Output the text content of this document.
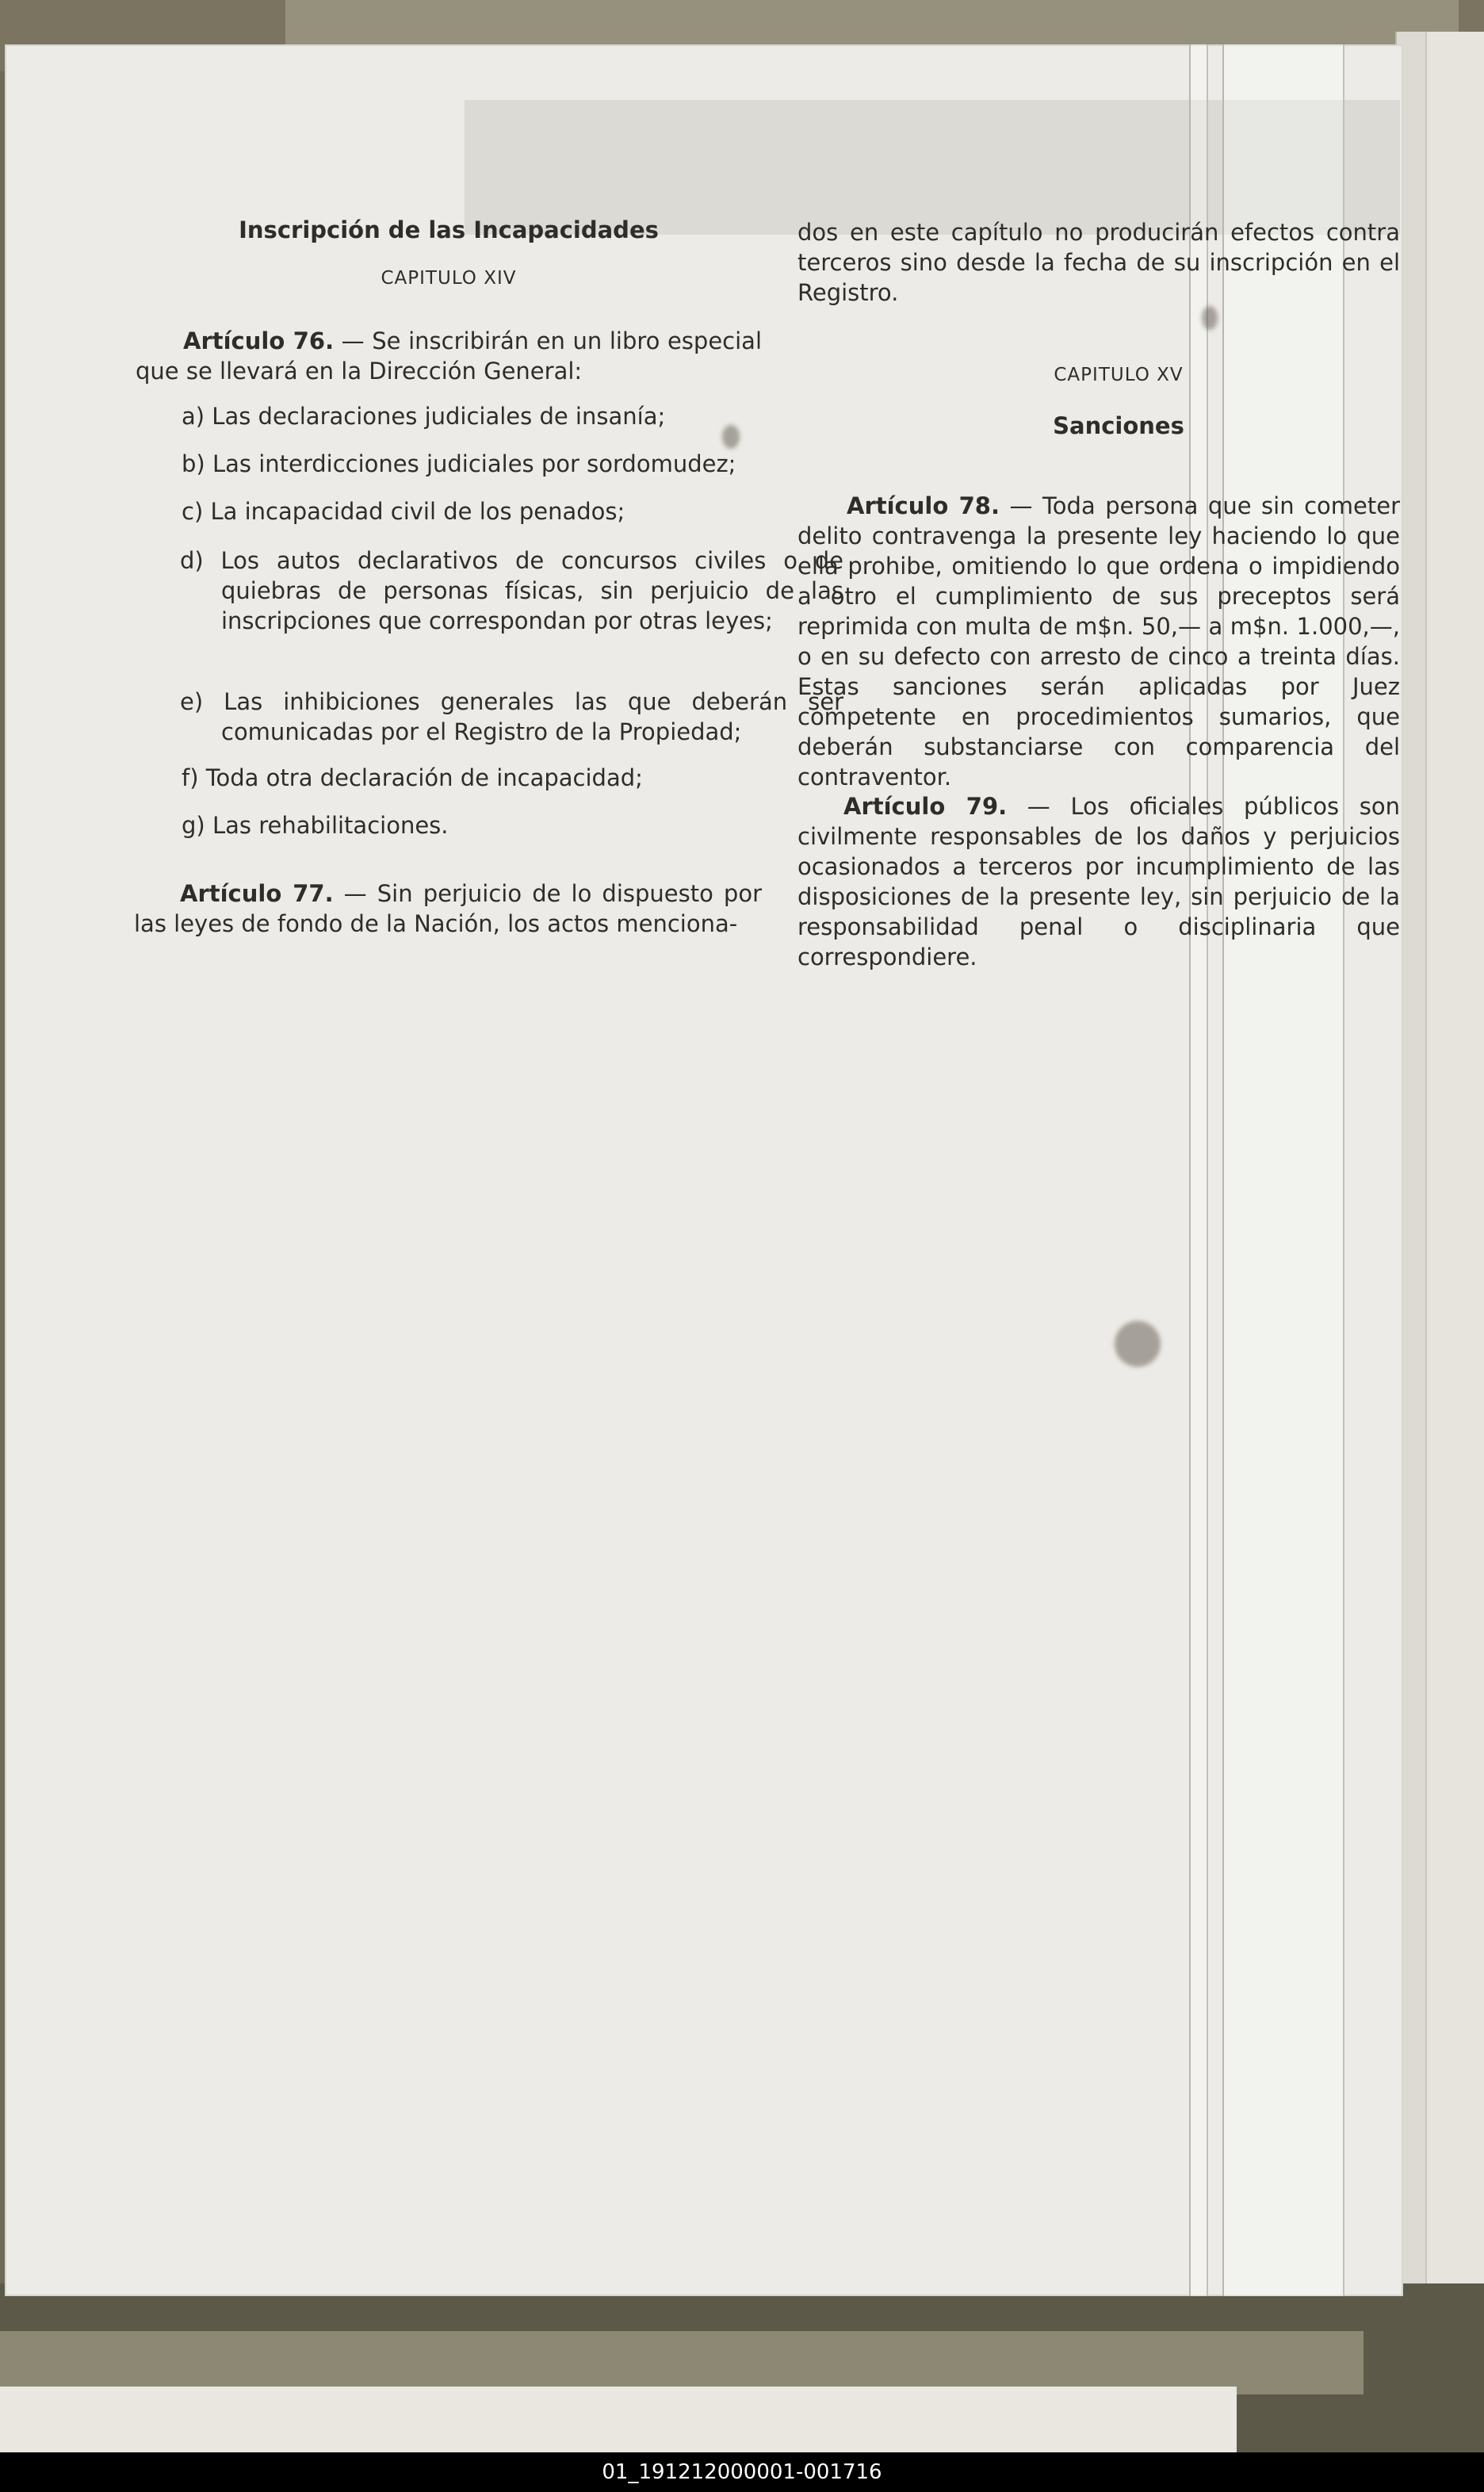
Inscripción de las Incapacidades

CAPITULO XIV

Artículo 76. — Se inscribirán en un libro especial que se llevará en la Dirección General:

a) Las declaraciones judiciales de insanía;

b) Las interdicciones judiciales por sordomudez;

c) La incapacidad civil de los penados;

d) Los autos declarativos de concursos civiles o de quiebras de personas físicas, sin perjuicio de las inscripciones que correspondan por otras leyes;

e) Las inhibiciones generales las que deberán ser comunicadas por el Registro de la Propiedad;

f) Toda otra declaración de incapacidad;

g) Las rehabilitaciones.

Artículo 77. — Sin perjuicio de lo dispuesto por las leyes de fondo de la Nación, los actos menciona-

dos en este capítulo no producirán efectos contra terceros sino desde la fecha de su inscripción en el Registro.

CAPITULO XV

Sanciones

Artículo 78. — Toda persona que sin cometer delito contravenga la presente ley haciendo lo que ella prohibe, omitiendo lo que ordena o impidiendo a otro el cumplimiento de sus preceptos será reprimida con multa de m$n. 50,— a m$n. 1.000,—, o en su defecto con arresto de cinco a treinta días. Estas sanciones serán aplicadas por Juez competente en procedimientos sumarios, que deberán substanciarse con comparencia del contraventor.

Artículo 79. — Los oficiales públicos son civilmente responsables de los daños y perjuicios ocasionados a terceros por incumplimiento de las disposiciones de la presente ley, sin perjuicio de la responsabilidad penal o disciplinaria que correspondiere.

01_191212000001-001716
